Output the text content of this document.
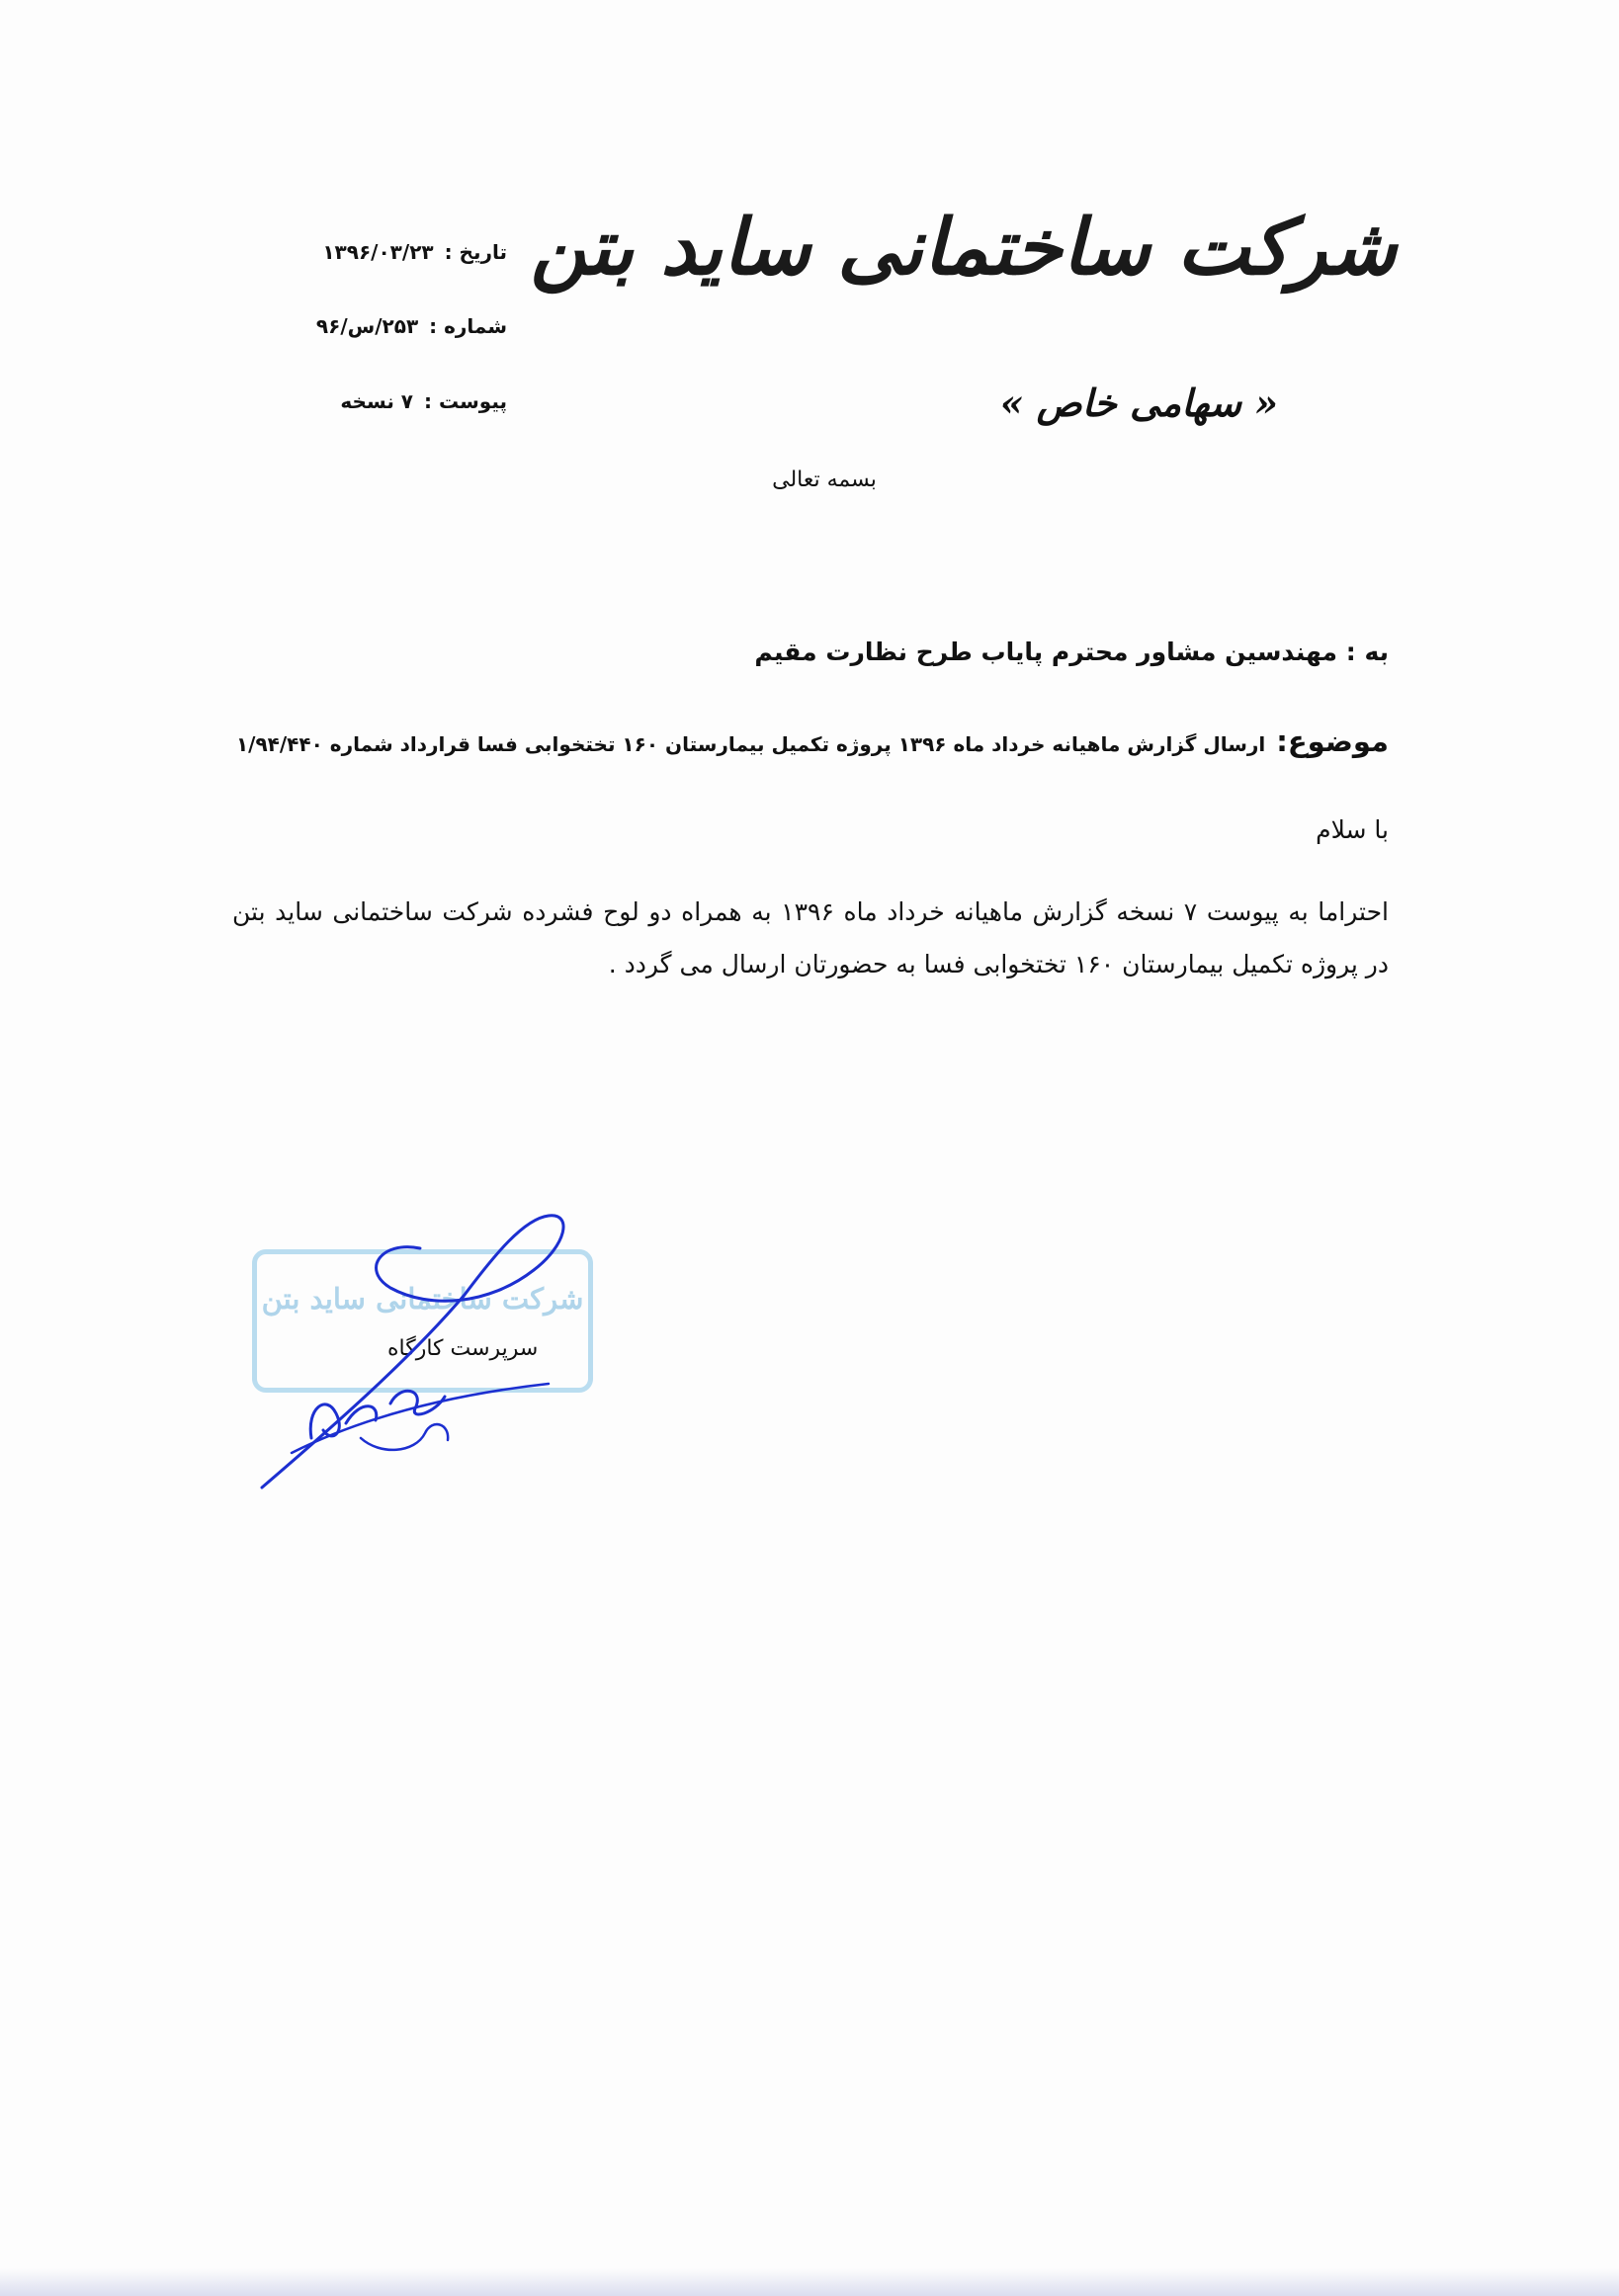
شرکت ساختمانی ساید بتن
« سهامی خاص »
تاریخ : ۱۳۹۶/۰۳/۲۳
شماره : ۲۵۳/س/۹۶
پیوست : ۷ نسخه
بسمه تعالی
به : مهندسین مشاور محترم پایاب طرح نظارت مقیم
موضوع: ارسال گزارش ماهیانه خرداد ماه ۱۳۹۶ پروژه تکمیل بیمارستان ۱۶۰ تختخوابی فسا قرارداد شماره ۱/۹۴/۴۴۰
با سلام
احتراما به پیوست ۷ نسخه گزارش ماهیانه خرداد ماه ۱۳۹۶ به همراه دو لوح فشرده شرکت ساختمانی ساید بتن در پروژه تکمیل بیمارستان ۱۶۰ تختخوابی فسا به حضورتان ارسال می گردد .
شرکت ساختمانی ساید بتن
سرپرست کارگاه
